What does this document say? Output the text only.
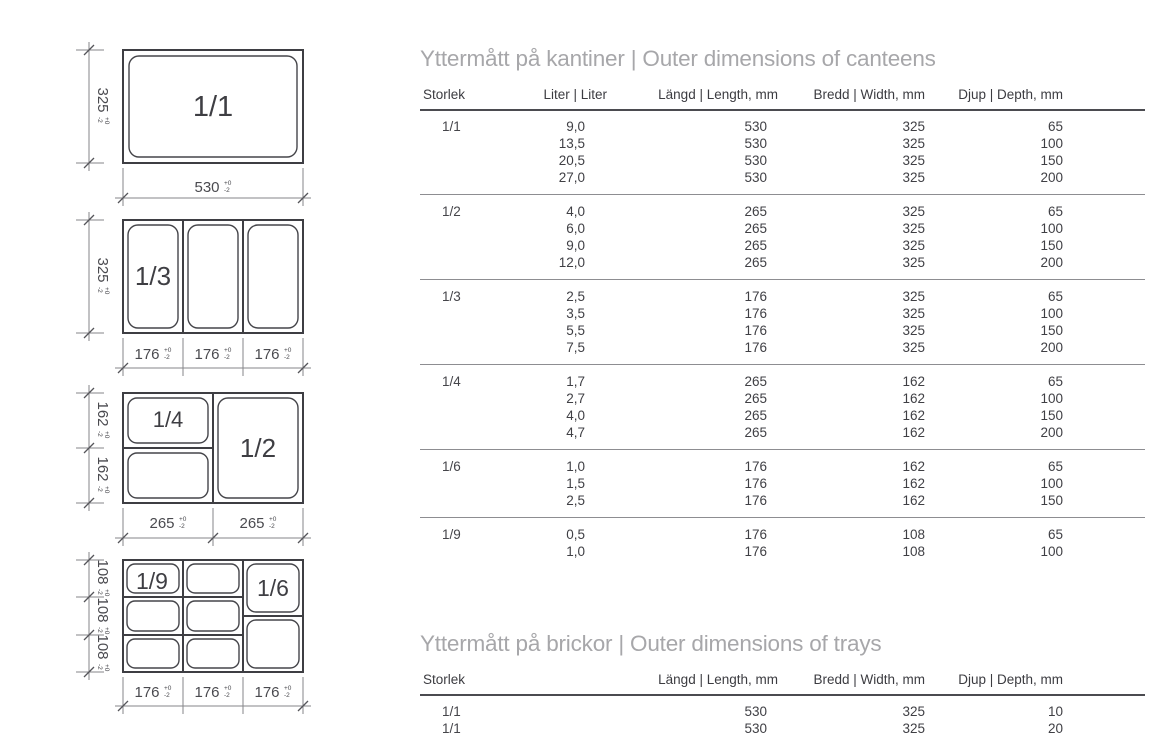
1/1
325
+0
-2
530 +0
-2
1/3
325
+0
-2
176 +0
-2 176 +0
-2 176 +0
-2
1/4
1/2
162
+0
-2
162
+0
-2
265 +0
-2	265 +0
-2
1/9	1/6
108
+0
-2
108
+0
-2
108
+0
-2
176 +0
-2 176 +0
-2 176 +0
-2
Yttermått på kantiner | Outer dimensions of canteens
Storlek	Liter | Liter	Längd | Length, mm	Bredd | Width, mm	Djup | Depth, mm	
1/1	9,0	530	325	65	
	13,5	530	325	100	
	20,5	530	325	150	
	27,0	530	325	200	
1/2	4,0	265	325	65	
	6,0	265	325	100	
	9,0	265	325	150	
	12,0	265	325	200	
1/3	2,5	176	325	65	
	3,5	176	325	100	
	5,5	176	325	150	
	7,5	176	325	200	
1/4	1,7	265	162	65	
	2,7	265	162	100	
	4,0	265	162	150	
	4,7	265	162	200	
1/6	1,0	176	162	65	
	1,5	176	162	100	
	2,5	176	162	150	
1/9	0,5	176	108	65	
	1,0	176	108	100	
Yttermått på brickor | Outer dimensions of trays
Storlek		Längd | Length, mm	Bredd | Width, mm	Djup | Depth, mm	
1/1		530	325	10	
1/1		530	325	20	
